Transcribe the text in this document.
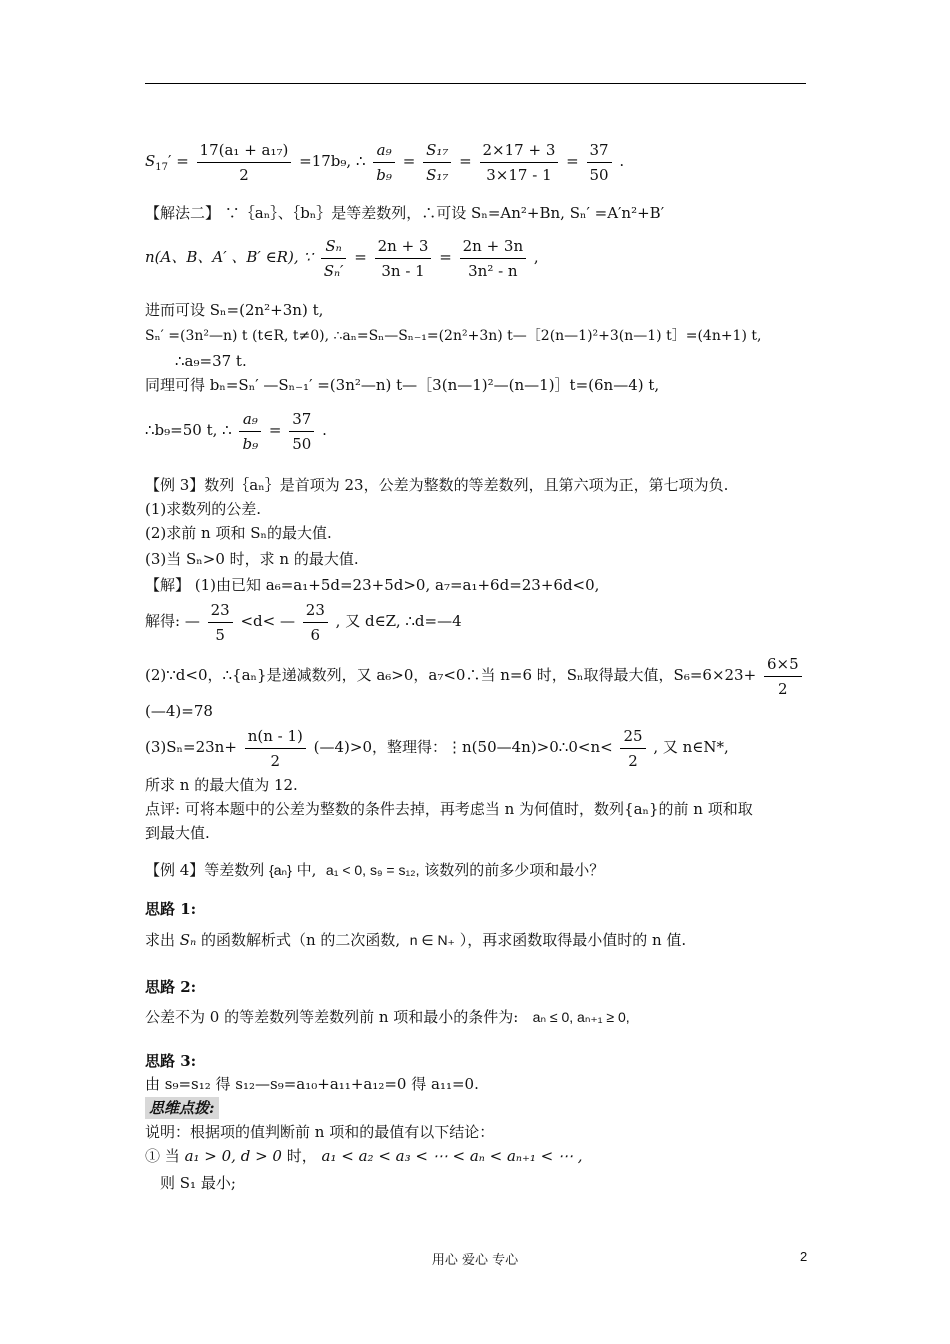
$S_{17}' = \frac{\text{17(a₁ + a₁₇)}}{2} =17b_9$, ∴ $\frac{\text{a₉}}{\text{b₉}} = \frac{\text{S₁₇}}{\text{S₁₇}} = \frac{2\times 17 + 3}{3\times 17 - 1} = \frac{37}{50}$ .
【解法二】 ∵｛aₙ｝、｛bₙ｝是等差数列，∴可设 Sₙ=An²+Bn, Sₙ′ =A′n²+B′
n(A、B、A′ 、B′ ∈R), ∵ $\frac{\text{Sₙ}}{\text{Sₙ′}} = \frac{2n + 3}{3n - 1} = \frac{2n + 3n}{\text{3n² - n}}$ ,
进而可设 Sₙ=(2n²+3n) t,
Sₙ′ =(3n²—n) t (t∈R, t≠0), ∴aₙ=Sₙ—Sₙ₋₁=(2n²+3n) t—［2(n—1)²+3(n—1) t］=(4n+1) t,
∴a₉=37 t.
同理可得 bₙ=Sₙ′ —Sₙ₋₁′ =(3n²—n) t—［3(n—1)²—(n—1)］t=(6n—4) t,
∴b₉=50 t, ∴ $\frac{\text{a₉}}{\text{b₉}} = \frac{37}{50}$ .
【例 3】数列｛aₙ｝是首项为 23，公差为整数的等差数列，且第六项为正，第七项为负.
(1)求数列的公差.
(2)求前 n 项和 Sₙ的最大值.
(3)当 Sₙ>0 时，求 n 的最大值.
【解】 (1)由已知 a₆=a₁+5d=23+5d>0, a₇=a₁+6d=23+6d<0,
解得: — $\frac{23}{5} <d<$ — $\frac{23}{6}$ , 又 d∈Z, ∴d=—4
(2)∵d<0，∴{aₙ}是递减数列，又 a₆>0，a₇<0∴当 n=6 时，Sₙ取得最大值，$S_6=6\times 23+ \frac{6\times 5}{2}$
(—4)=78
$(3)S_n=23n+ \frac{n(n - 1)}{2}$ (—4)>0，整理得：⋮n(50—4n)>0∴0<n< $\frac{25}{2}$ , 又 n∈N*,
所求 n 的最大值为 12.
点评: 可将本题中的公差为整数的条件去掉，再考虑当 n 为何值时，数列{aₙ}的前 n 项和取
到最大值.
【例 4】等差数列 {aₙ} 中, a₁ < 0, s₉ = s₁₂, 该数列的前多少项和最小？
思路 1:
求出 Sₙ 的函数解析式（n 的二次函数, n ∈ N₊ ），再求函数取得最小值时的 n 值.
思路 2:
公差不为 0 的等差数列等差数列前 n 项和最小的条件为: aₙ ≤ 0, aₙ₊₁ ≥ 0,
思路 3:
由 s₉=s₁₂ 得 s₁₂—s₉=a₁₀+a₁₁+a₁₂=0 得 a₁₁=0.
思维点拨:
说明：根据项的值判断前 n 项和的最值有以下结论：
① 当 a₁ > 0, d > 0 时， a₁ < a₂ < a₃ < ⋯ < aₙ < aₙ₊₁ < ⋯ ,
则 S₁ 最小;
用心 爱心 专心	2
